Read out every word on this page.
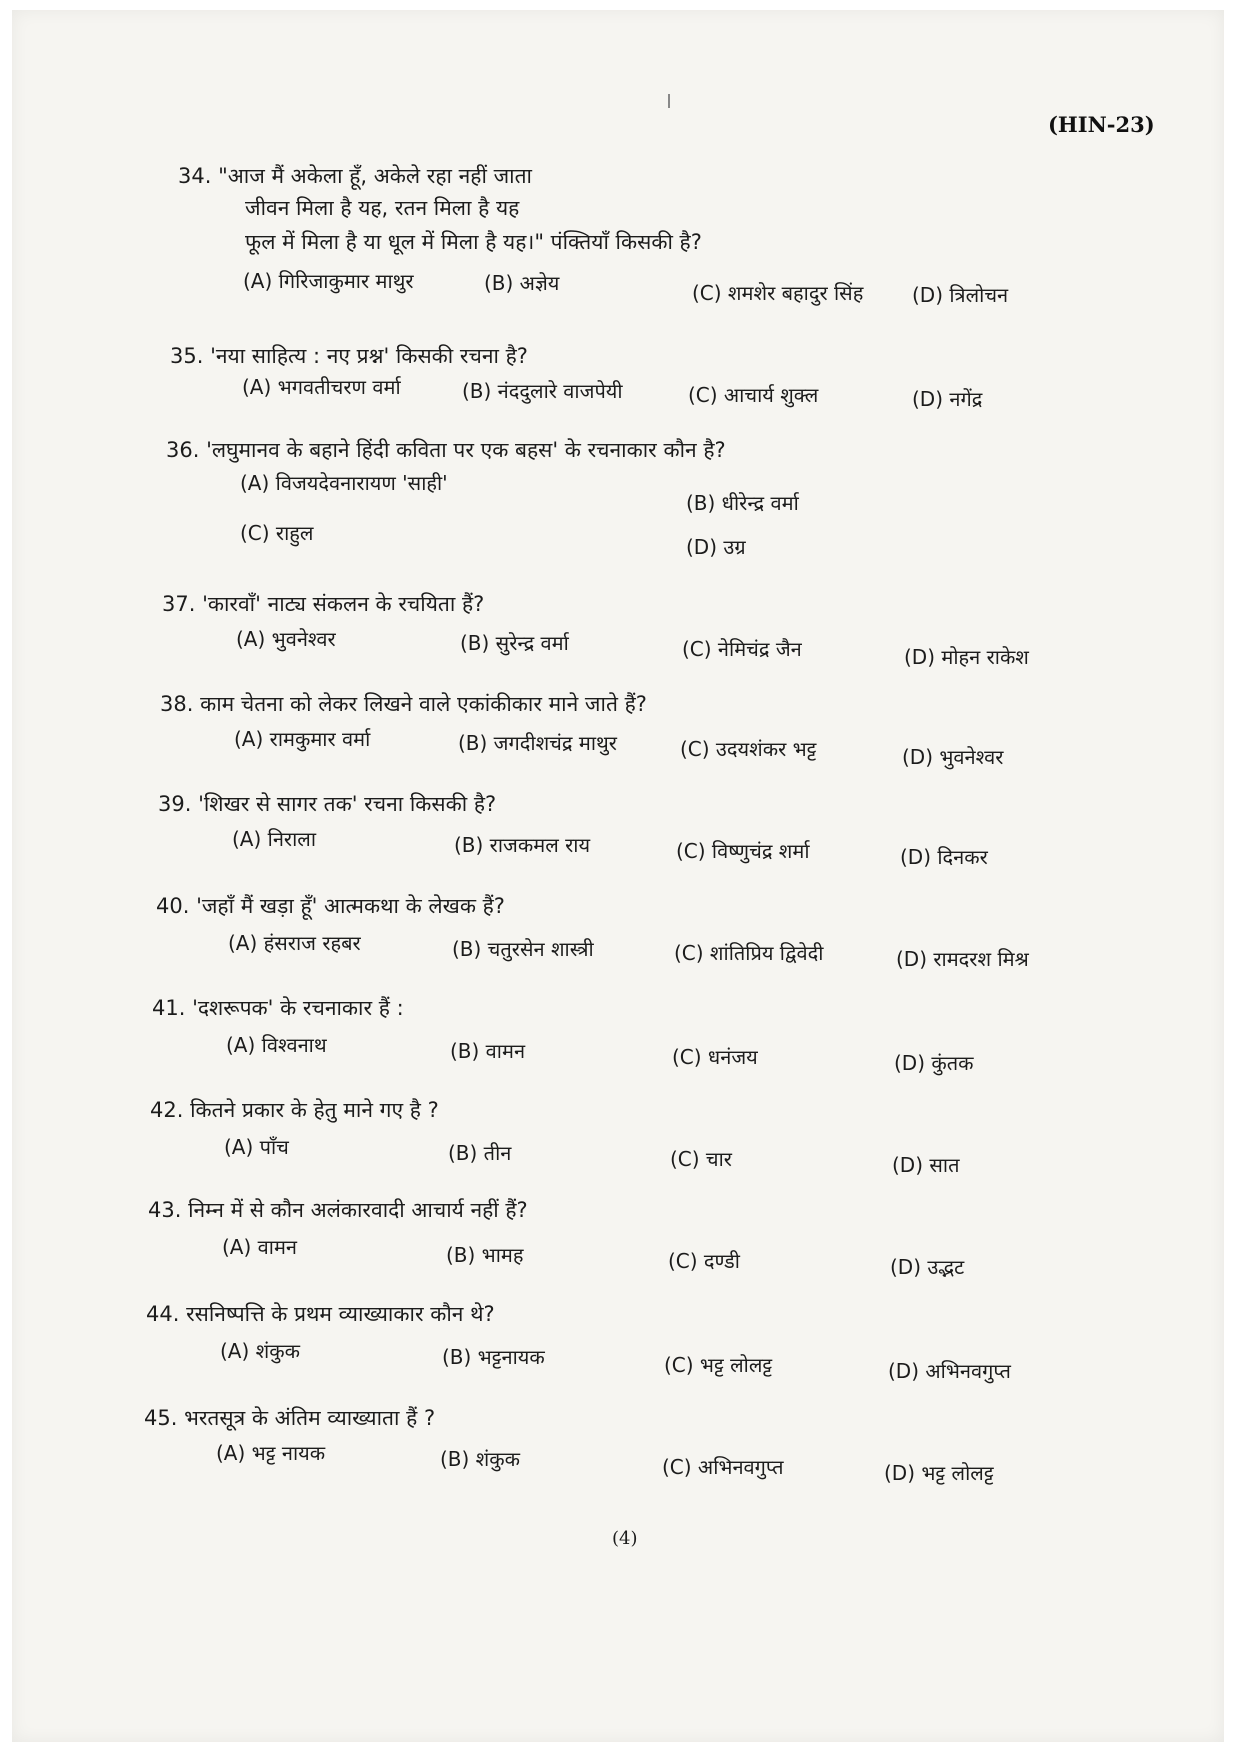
(HIN-23)
34. "आज मैं अकेला हूँ, अकेले रहा नहीं जाता
जीवन मिला है यह, रतन मिला है यह
फूल में मिला है या धूल में मिला है यह।" पंक्तियाँ किसकी है?
(A) गिरिजाकुमार माथुर	(B) अज्ञेय	(C) शमशेर बहादुर सिंह (D) त्रिलोचन
35. 'नया साहित्य : नए प्रश्न' किसकी रचना है?
(A) भगवतीचरण वर्मा	(B) नंददुलारे वाजपेयी	(C) आचार्य शुक्ल	(D) नगेंद्र
36. 'लघुमानव के बहाने हिंदी कविता पर एक बहस' के रचनाकार कौन है?
(A) विजयदेवनारायण 'साही'
(B) धीरेन्द्र वर्मा
(C) राहुल
(D) उग्र
37. 'कारवाँ' नाट्य संकलन के रचयिता हैं?
(A) भुवनेश्वर	(B) सुरेन्द्र वर्मा	(C) नेमिचंद्र जैन	(D) मोहन राकेश
38. काम चेतना को लेकर लिखने वाले एकांकीकार माने जाते हैं?
(A) रामकुमार वर्मा	(B) जगदीशचंद्र माथुर	(C) उदयशंकर भट्ट	(D) भुवनेश्वर
39. 'शिखर से सागर तक' रचना किसकी है?
(A) निराला	(B) राजकमल राय	(C) विष्णुचंद्र शर्मा	(D) दिनकर
40. 'जहाँ मैं खड़ा हूँ' आत्मकथा के लेखक हैं?
(A) हंसराज रहबर	(B) चतुरसेन शास्त्री	(C) शांतिप्रिय द्विवेदी	(D) रामदरश मिश्र
41. 'दशरूपक' के रचनाकार हैं :
(A) विश्वनाथ	(B) वामन	(C) धनंजय	(D) कुंतक
42. कितने प्रकार के हेतु माने गए है ?
(A) पाँच	(B) तीन	(C) चार	(D) सात
43. निम्न में से कौन अलंकारवादी आचार्य नहीं हैं?
(A) वामन	(B) भामह	(C) दण्डी	(D) उद्भट
44. रसनिष्पत्ति के प्रथम व्याख्याकार कौन थे?
(A) शंकुक	(B) भट्टनायक	(C) भट्ट लोलट्ट	(D) अभिनवगुप्त
45. भरतसूत्र के अंतिम व्याख्याता हैं ?
(A) भट्ट नायक	(B) शंकुक	(C) अभिनवगुप्त	(D) भट्ट लोलट्ट
(4)
